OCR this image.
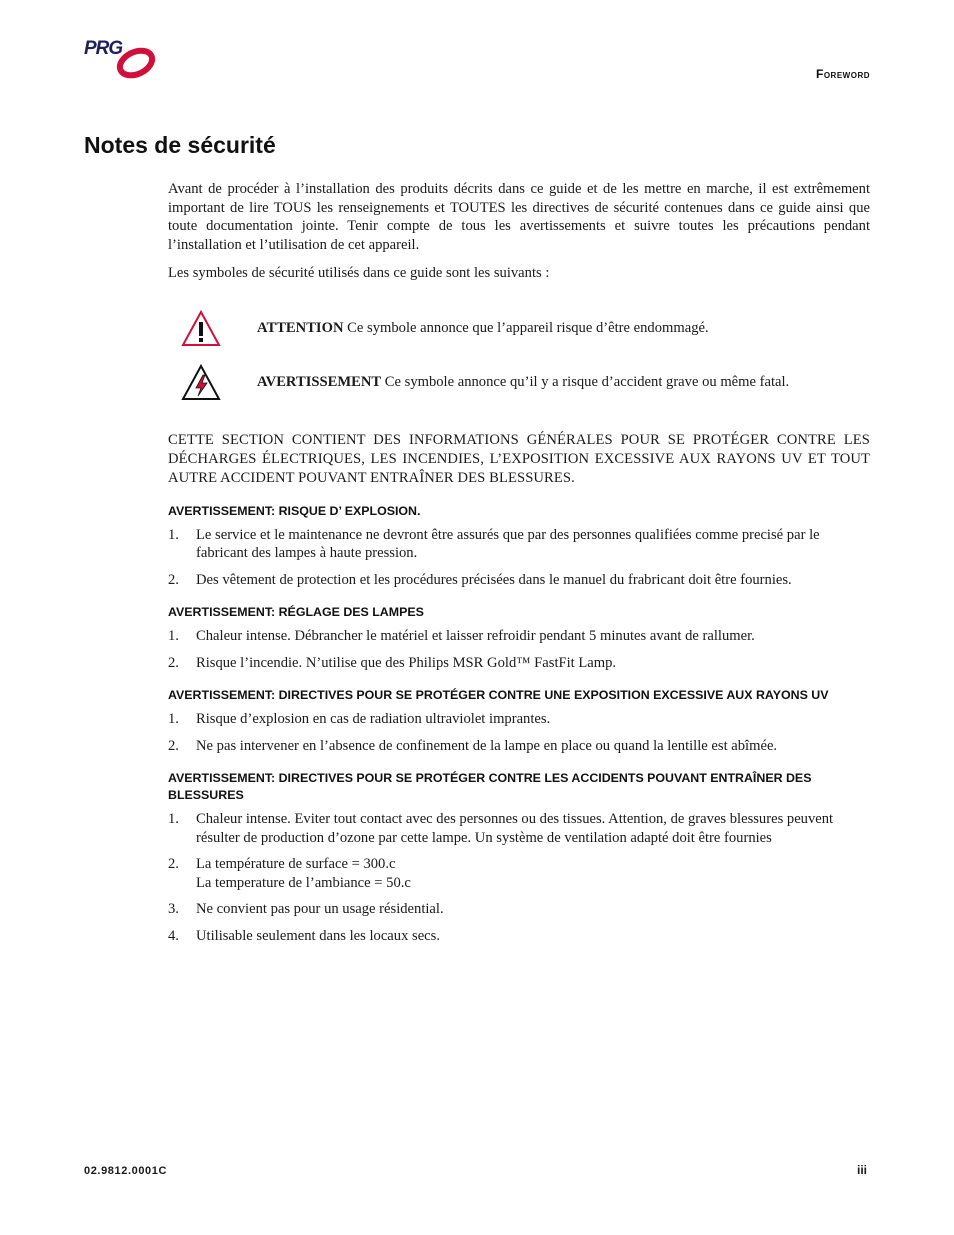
PRG
Foreword
Notes de sécurité

Avant de procéder à l’installation des produits décrits dans ce guide et de les mettre en marche, il est extrêmement important de lire TOUS les renseignements et TOUTES les directives de sécurité contenues dans ce guide ainsi que toute documentation jointe. Tenir compte de tous les avertissements et suivre toutes les précautions pendant l’installation et l’utilisation de cet appareil.

Les symboles de sécurité utilisés dans ce guide sont les suivants :

ATTENTION Ce symbole annonce que l’appareil risque d’être endommagé.
AVERTISSEMENT Ce symbole annonce qu’il y a risque d’accident grave ou même fatal.

CETTE SECTION CONTIENT DES INFORMATIONS GÉNÉRALES POUR SE PROTÉGER CONTRE LES DÉCHARGES ÉLECTRIQUES, LES INCENDIES, L’EXPOSITION EXCESSIVE AUX RAYONS UV ET TOUT AUTRE ACCIDENT POUVANT ENTRAÎNER DES BLESSURES.

AVERTISSEMENT: RISQUE D’ EXPLOSION.
1. Le service et le maintenance ne devront être assurés que par des personnes qualifiées comme precisé par le fabricant des lampes à haute pression.
2. Des vêtement de protection et les procédures précisées dans le manuel du frabricant doit être fournies.
AVERTISSEMENT: RÉGLAGE DES LAMPES
1. Chaleur intense. Débrancher le matériel et laisser refroidir pendant 5 minutes avant de rallumer.
2. Risque l’incendie. N’utilise que des Philips MSR Gold™ FastFit Lamp.
AVERTISSEMENT: DIRECTIVES POUR SE PROTÉGER CONTRE UNE EXPOSITION EXCESSIVE AUX RAYONS UV
1. Risque d’explosion en cas de radiation ultraviolet imprantes.
2. Ne pas intervener en l’absence de confinement de la lampe en place ou quand la lentille est abîmée.
AVERTISSEMENT: DIRECTIVES POUR SE PROTÉGER CONTRE LES ACCIDENTS POUVANT ENTRAÎNER DES BLESSURES
1. Chaleur intense. Eviter tout contact avec des personnes ou des tissues. Attention, de graves blessures peuvent résulter de production d’ozone par cette lampe. Un système de ventilation adapté doit être fournies
2. La température de surface = 300.c
La temperature de l’ambiance = 50.c
3. Ne convient pas pour un usage résidential.
4. Utilisable seulement dans les locaux secs.
02.9812.0001C	iii
